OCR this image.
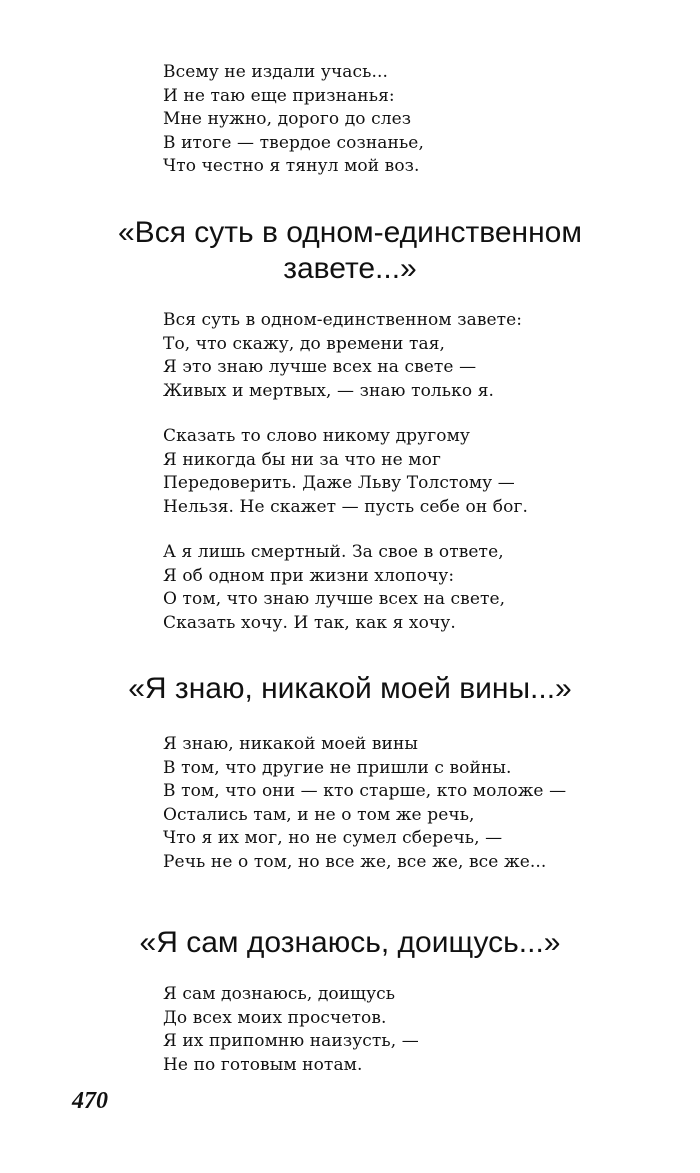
Всему не издали учась...
И не таю еще признанья:
Мне нужно, дорого до слез
В итоге — твердое сознанье,
Что честно я тянул мой воз.
«Вся суть в одном-единственном
завете...»
Вся суть в одном-единственном завете:
То, что скажу, до времени тая,
Я это знаю лучше всех на свете —
Живых и мертвых, — знаю только я.
Сказать то слово никому другому
Я никогда бы ни за что не мог
Передоверить. Даже Льву Толстому —
Нельзя. Не скажет — пусть себе он бог.
А я лишь смертный. За свое в ответе,
Я об одном при жизни хлопочу:
О том, что знаю лучше всех на свете,
Сказать хочу. И так, как я хочу.
«Я знаю, никакой моей вины...»
Я знаю, никакой моей вины
В том, что другие не пришли с войны.
В том, что они — кто старше, кто моложе —
Остались там, и не о том же речь,
Что я их мог, но не сумел сберечь, —
Речь не о том, но все же, все же, все же...
«Я сам дознаюсь, доищусь...»
Я сам дознаюсь, доищусь
До всех моих просчетов.
Я их припомню наизусть, —
Не по готовым нотам.
470
